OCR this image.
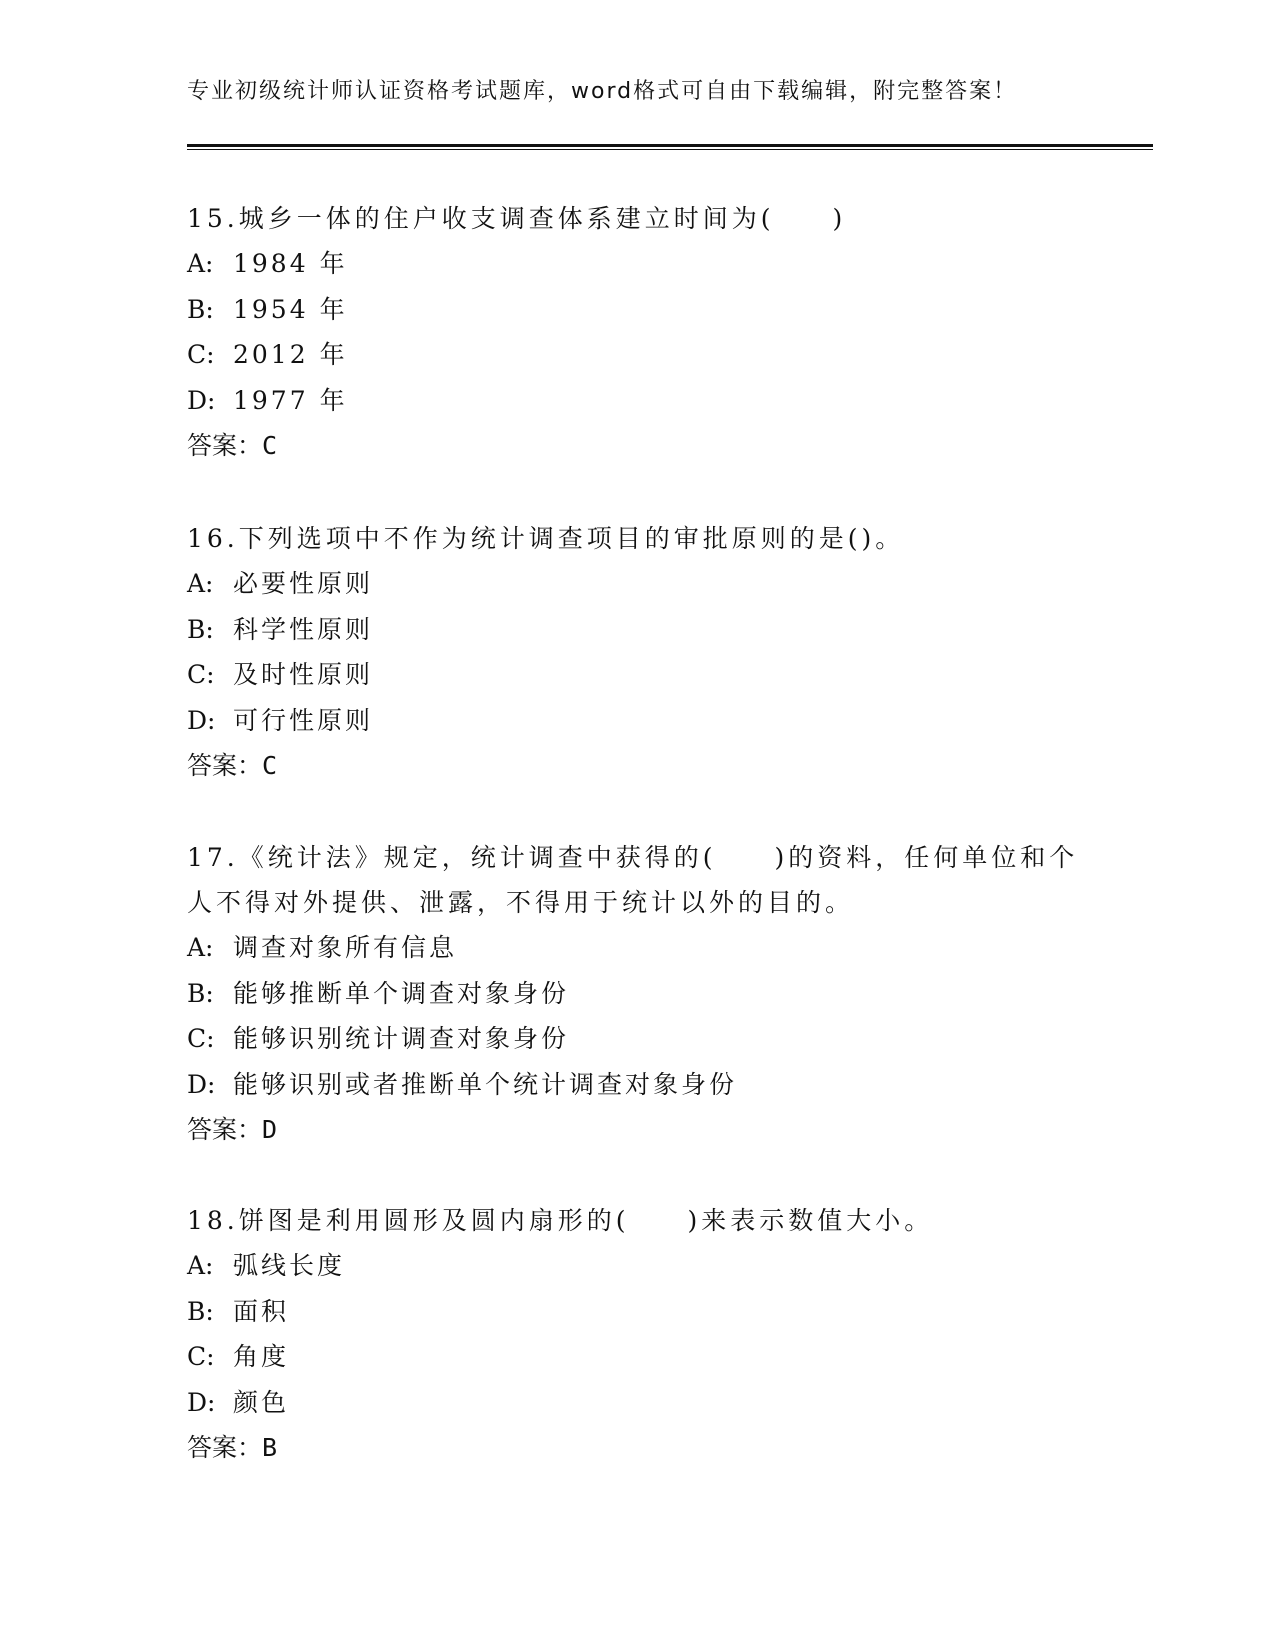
专业初级统计师认证资格考试题库，word格式可自由下载编辑，附完整答案！
15.城乡一体的住户收支调查体系建立时间为(　　)
A: 1984 年
B: 1954 年
C: 2012 年
D: 1977 年
答案：C
16.下列选项中不作为统计调查项目的审批原则的是()。
A: 必要性原则
B: 科学性原则
C: 及时性原则
D: 可行性原则
答案：C
17.《统计法》规定，统计调查中获得的(　　)的资料，任何单位和个
人不得对外提供、泄露，不得用于统计以外的目的。
A: 调查对象所有信息
B: 能够推断单个调查对象身份
C: 能够识别统计调查对象身份
D: 能够识别或者推断单个统计调查对象身份
答案：D
18.饼图是利用圆形及圆内扇形的(　　)来表示数值大小。
A: 弧线长度
B: 面积
C: 角度
D: 颜色
答案：B
